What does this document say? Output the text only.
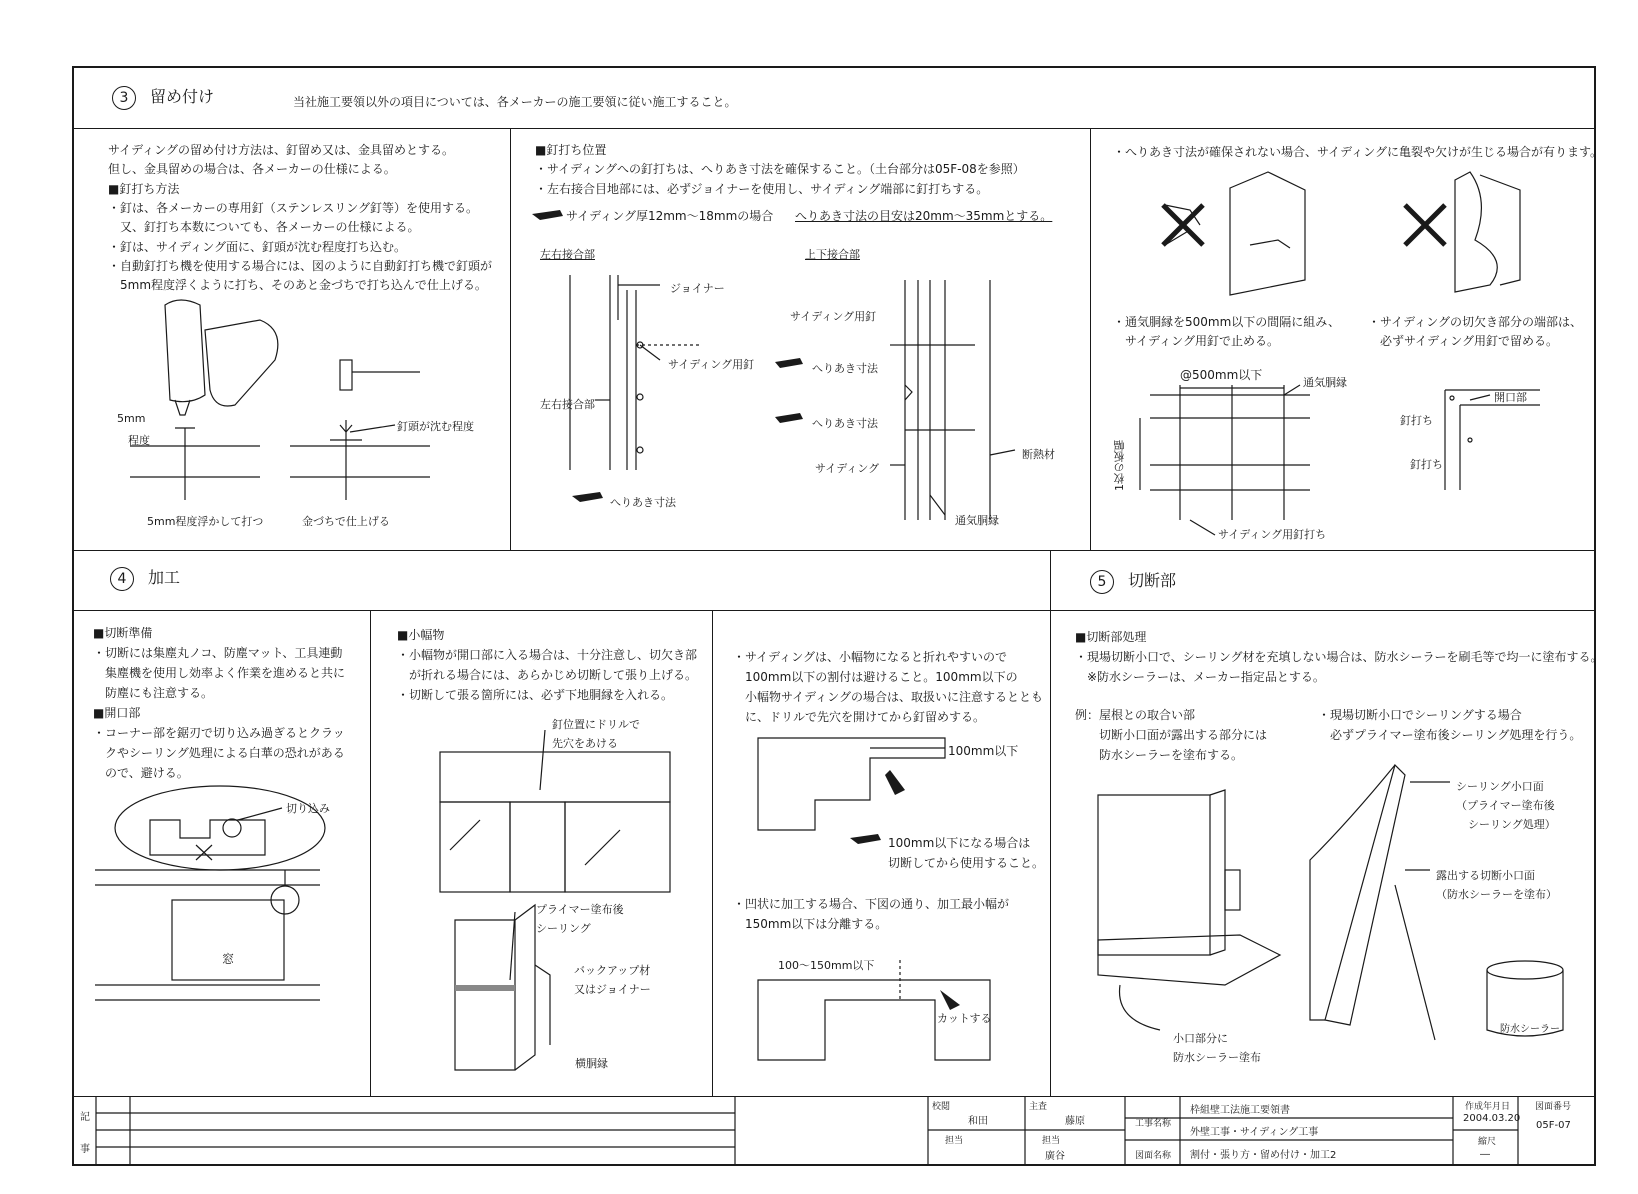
3 留め付け	当社施工要領以外の項目については、各メーカーの施工要領に従い施工すること。
サイディングの留め付け方法は、釘留め又は、金具留めとする。
但し、金具留めの場合は、各メーカーの仕様による。
■釘打ち方法
・釘は、各メーカーの専用釘（ステンレスリング釘等）を使用する。
　又、釘打ち本数についても、各メーカーの仕様による。
・釘は、サイディング面に、釘頭が沈む程度打ち込む。
・自動釘打ち機を使用する場合には、図のように自動釘打ち機で釘頭が
　5mm程度浮くように打ち、そのあと金づちで打ち込んで仕上げる。
5mm
程度
釘頭が沈む程度
5mm程度浮かして打つ	金づちで仕上げる
■釘打ち位置
・サイディングへの釘打ちは、へりあき寸法を確保すること。（土台部分は05F-08を参照）
・左右接合目地部には、必ずジョイナーを使用し、サイディング端部に釘打ちする。
サイディング厚12mm～18mmの場合 へりあき寸法の目安は20mm～35mmとする。
左右接合部	上下接合部
ジョイナー
サイディング用釘
左右接合部
へりあき寸法
サイディング用釘
へりあき寸法
へりあき寸法
サイディング
断熱材
通気胴縁
・へりあき寸法が確保されない場合、サイディングに亀裂や欠けが生じる場合が有ります。
・通気胴縁を500mm以下の間隔に組み、
　サイディング用釘で止める。
・サイディングの切欠き部分の端部は、
　必ずサイディング用釘で留める。
@500mm以下
通気胴縁
1枚の板幅
サイディング用釘打ち
開口部
釘打ち
釘打ち
4 加工	5 切断部
■切断準備
・切断には集塵丸ノコ、防塵マット、工具連動
　集塵機を使用し効率よく作業を進めると共に
　防塵にも注意する。
■開口部
・コーナー部を鋸刃で切り込み過ぎるとクラッ
　クやシーリング処理による白華の恐れがある
　ので、避ける。
切り込み
窓
■小幅物
・小幅物が開口部に入る場合は、十分注意し、切欠き部
　が折れる場合には、あらかじめ切断して張り上げる。
・切断して張る箇所には、必ず下地胴縁を入れる。
釘位置にドリルで
先穴をあける
プライマー塗布後
シーリング
バックアップ材
又はジョイナー
横胴縁
・サイディングは、小幅物になると折れやすいので
　100mm以下の割付は避けること。100mm以下の
　小幅物サイディングの場合は、取扱いに注意するととも
　に、ドリルで先穴を開けてから釘留めする。
100mm以下
100mm以下になる場合は
切断してから使用すること。
・凹状に加工する場合、下図の通り、加工最小幅が
　150mm以下は分離する。
100～150mm以下
カットする
■切断部処理
・現場切断小口で、シーリング材を充填しない場合は、防水シーラーを刷毛等で均一に塗布する。
　※防水シーラーは、メーカー指定品とする。
例：屋根との取合い部
　　切断小口面が露出する部分には
　　防水シーラーを塗布する。
・現場切断小口でシーリングする場合
　必ずプライマー塗布後シーリング処理を行う。
シーリング小口面
（プライマー塗布後
シーリング処理）
露出する切断小口面
（防水シーラーを塗布）
小口部分に
防水シーラー塗布
防水シーラー
記
事
校閲
和田
主査
藤原
担当	担当
廣谷
工事名称
枠組壁工法施工要領書
外壁工事・サイディング工事
図面名称 割付・張り方・留め付け・加工2
作成年月日
2004.03.20
縮尺
―
図面番号
05F-07
